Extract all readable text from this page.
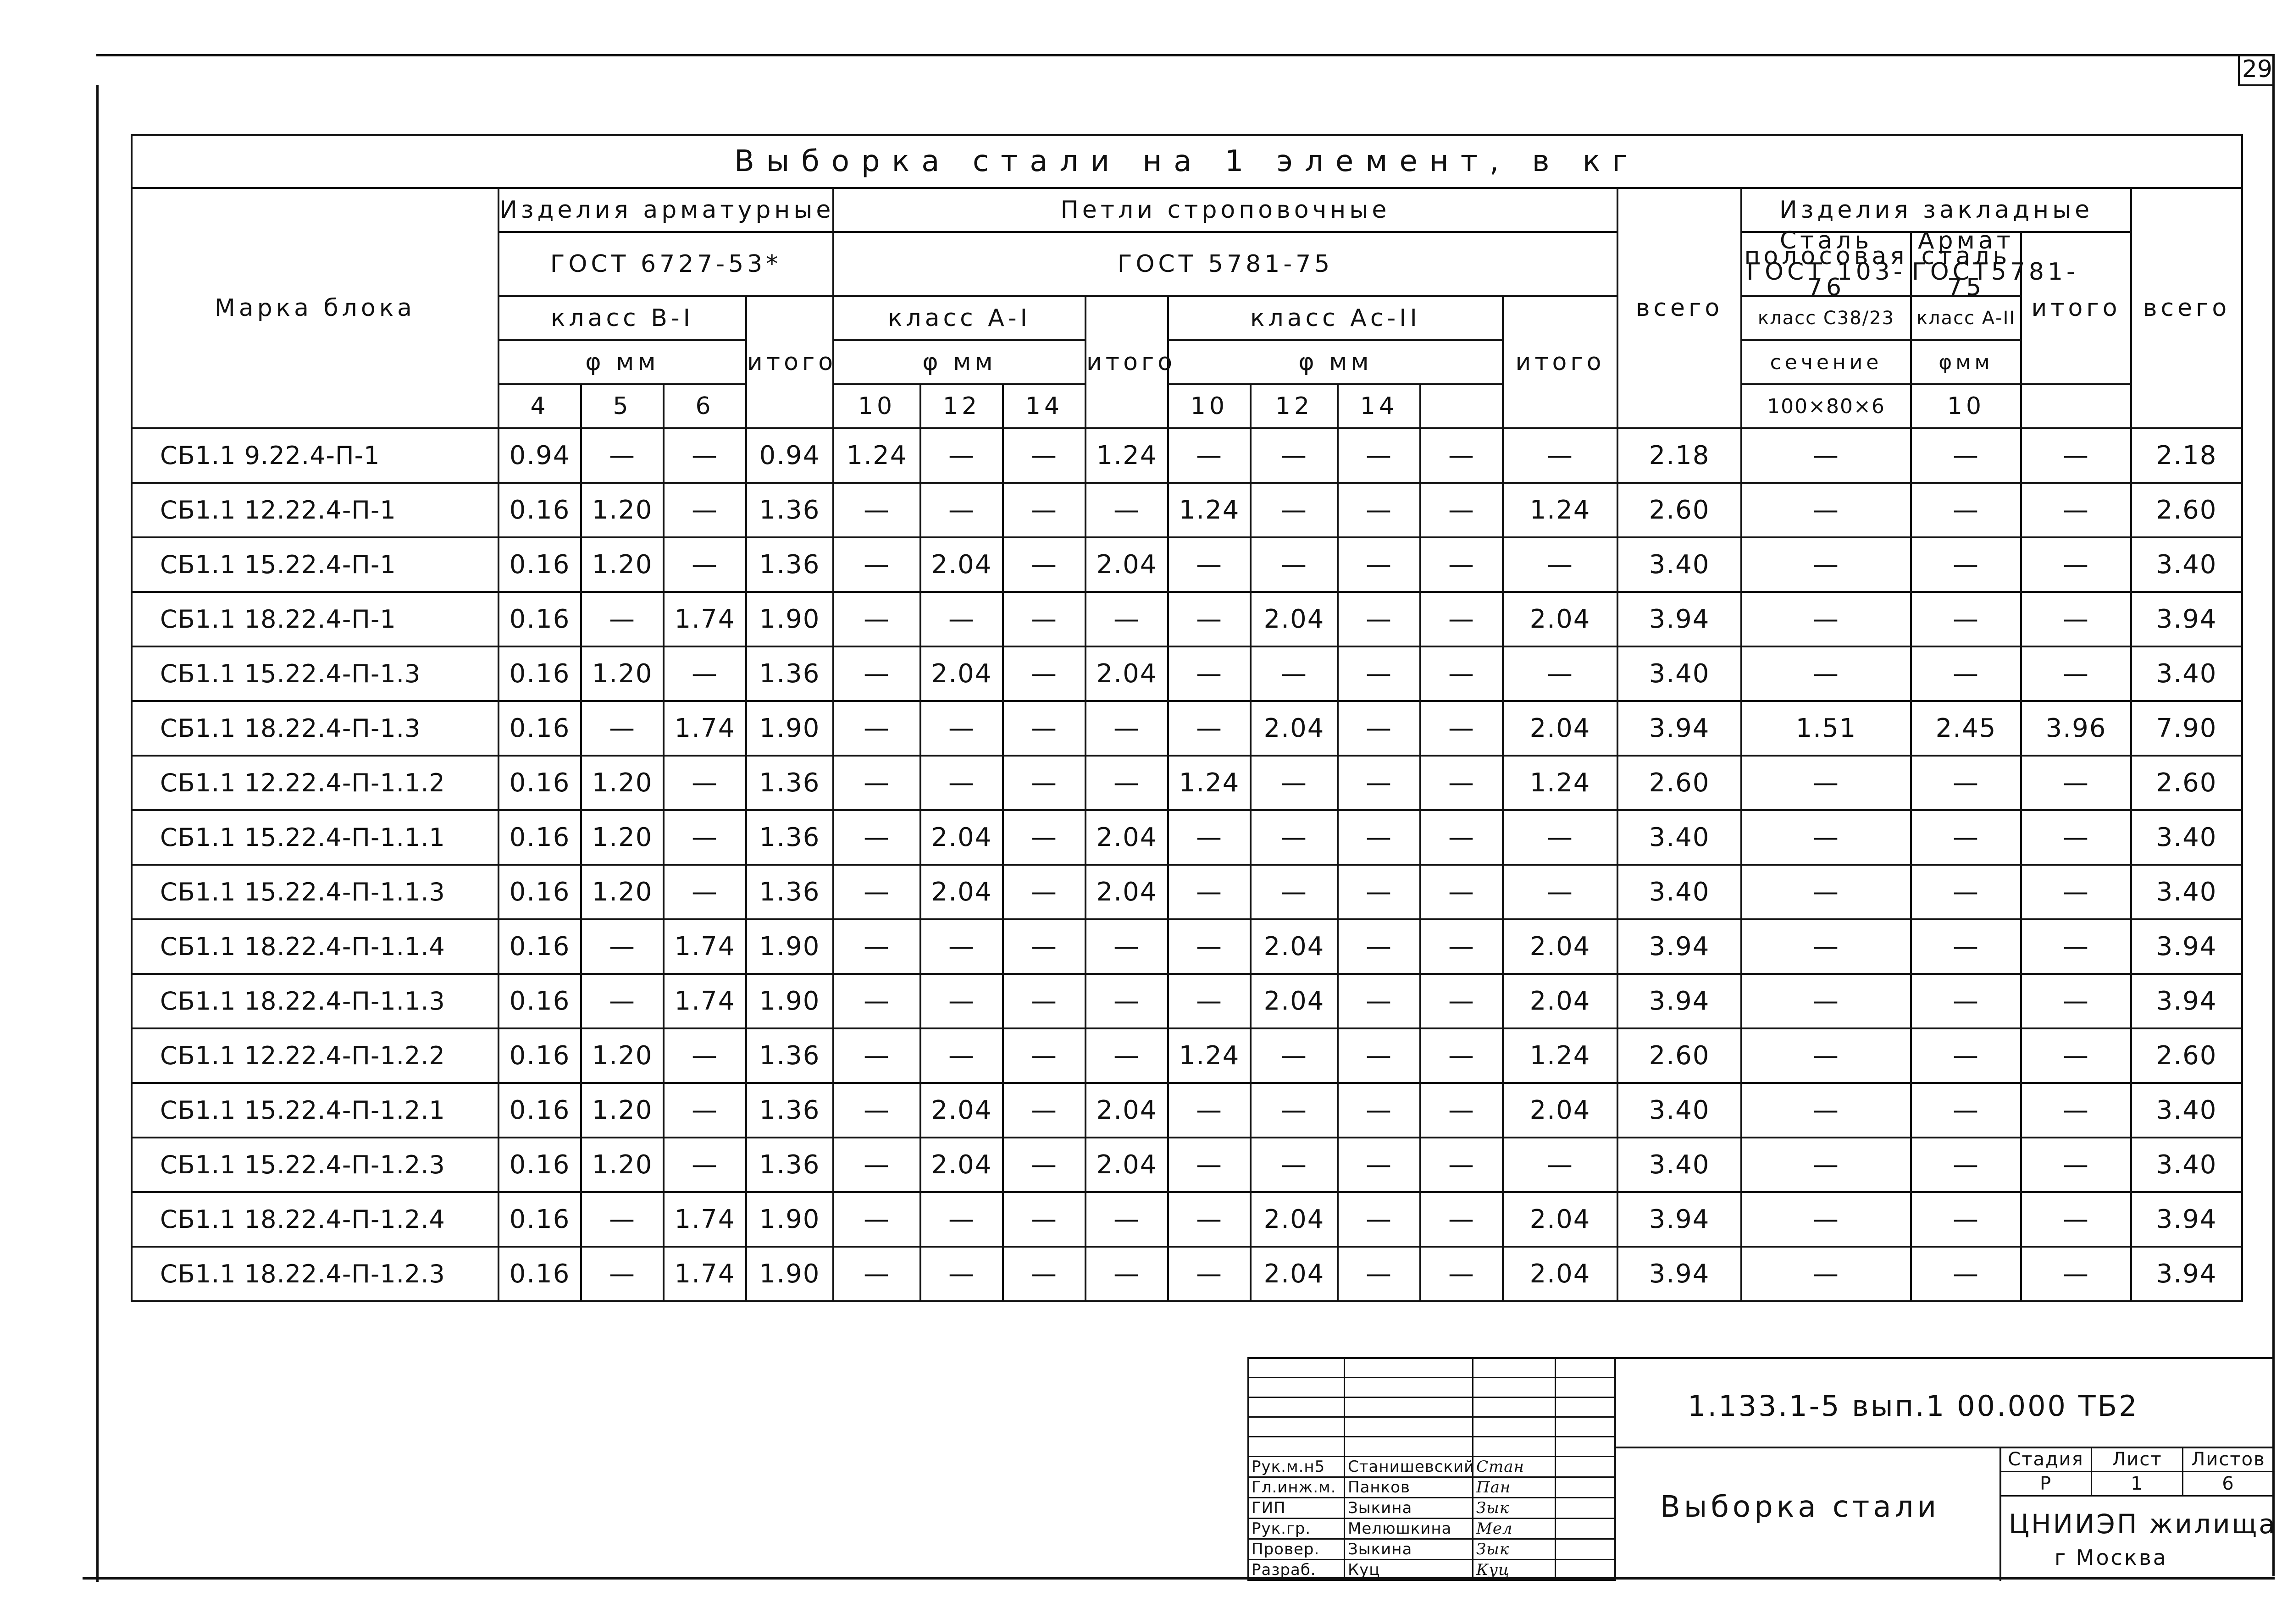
29
Выборка стали на 1 элемент, в кг																		
Марка блока	Изделия арматурные				Петли строповочные									всего	Изделия закладные			всего
	ГОСТ 6727-53*				ГОСТ 5781-75										Сталь полосовая ГОСТ 103-76	Армат сталь ГОСТ5781-75	итого	
	класс В-I			итого	класс А-I			итого	класс Ас-II				итого		класс С38/23	класс А-II		
	φ мм				φ мм				φ мм						сечение	φмм		
	4	5	6		10	12	14		10	12	14				100×80×6	10		
СБ1.1 9.22.4-П-1	0.94	—	—	0.94	1.24	—	—	1.24	—	—	—	—	—	2.18	—	—	—	2.18
СБ1.1 12.22.4-П-1	0.16	1.20	—	1.36	—	—	—	—	1.24	—	—	—	1.24	2.60	—	—	—	2.60
СБ1.1 15.22.4-П-1	0.16	1.20	—	1.36	—	2.04	—	2.04	—	—	—	—	—	3.40	—	—	—	3.40
СБ1.1 18.22.4-П-1	0.16	—	1.74	1.90	—	—	—	—	—	2.04	—	—	2.04	3.94	—	—	—	3.94
СБ1.1 15.22.4-П-1.3	0.16	1.20	—	1.36	—	2.04	—	2.04	—	—	—	—	—	3.40	—	—	—	3.40
СБ1.1 18.22.4-П-1.3	0.16	—	1.74	1.90	—	—	—	—	—	2.04	—	—	2.04	3.94	1.51	2.45	3.96	7.90
СБ1.1 12.22.4-П-1.1.2	0.16	1.20	—	1.36	—	—	—	—	1.24	—	—	—	1.24	2.60	—	—	—	2.60
СБ1.1 15.22.4-П-1.1.1	0.16	1.20	—	1.36	—	2.04	—	2.04	—	—	—	—	—	3.40	—	—	—	3.40
СБ1.1 15.22.4-П-1.1.3	0.16	1.20	—	1.36	—	2.04	—	2.04	—	—	—	—	—	3.40	—	—	—	3.40
СБ1.1 18.22.4-П-1.1.4	0.16	—	1.74	1.90	—	—	—	—	—	2.04	—	—	2.04	3.94	—	—	—	3.94
СБ1.1 18.22.4-П-1.1.3	0.16	—	1.74	1.90	—	—	—	—	—	2.04	—	—	2.04	3.94	—	—	—	3.94
СБ1.1 12.22.4-П-1.2.2	0.16	1.20	—	1.36	—	—	—	—	1.24	—	—	—	1.24	2.60	—	—	—	2.60
СБ1.1 15.22.4-П-1.2.1	0.16	1.20	—	1.36	—	2.04	—	2.04	—	—	—	—	2.04	3.40	—	—	—	3.40
СБ1.1 15.22.4-П-1.2.3	0.16	1.20	—	1.36	—	2.04	—	2.04	—	—	—	—	—	3.40	—	—	—	3.40
СБ1.1 18.22.4-П-1.2.4	0.16	—	1.74	1.90	—	—	—	—	—	2.04	—	—	2.04	3.94	—	—	—	3.94
СБ1.1 18.22.4-П-1.2.3	0.16	—	1.74	1.90	—	—	—	—	—	2.04	—	—	2.04	3.94	—	—	—	3.94

Рук.м.н5	Станишевский	Стан	
Гл.инж.м.	Панков	Пан	
ГИП	Зыкина	Зык	
Рук.гр.	Мелюшкина	Мел	
Провер.	Зыкина	Зык	
Разраб.	Куц	Куц	
1.133.1-5 вып.1 00.000 ТБ2
Выборка стали
Стадия	Лист	Листов
Р	1	6
ЦНИИЭП жилища
г Москва
